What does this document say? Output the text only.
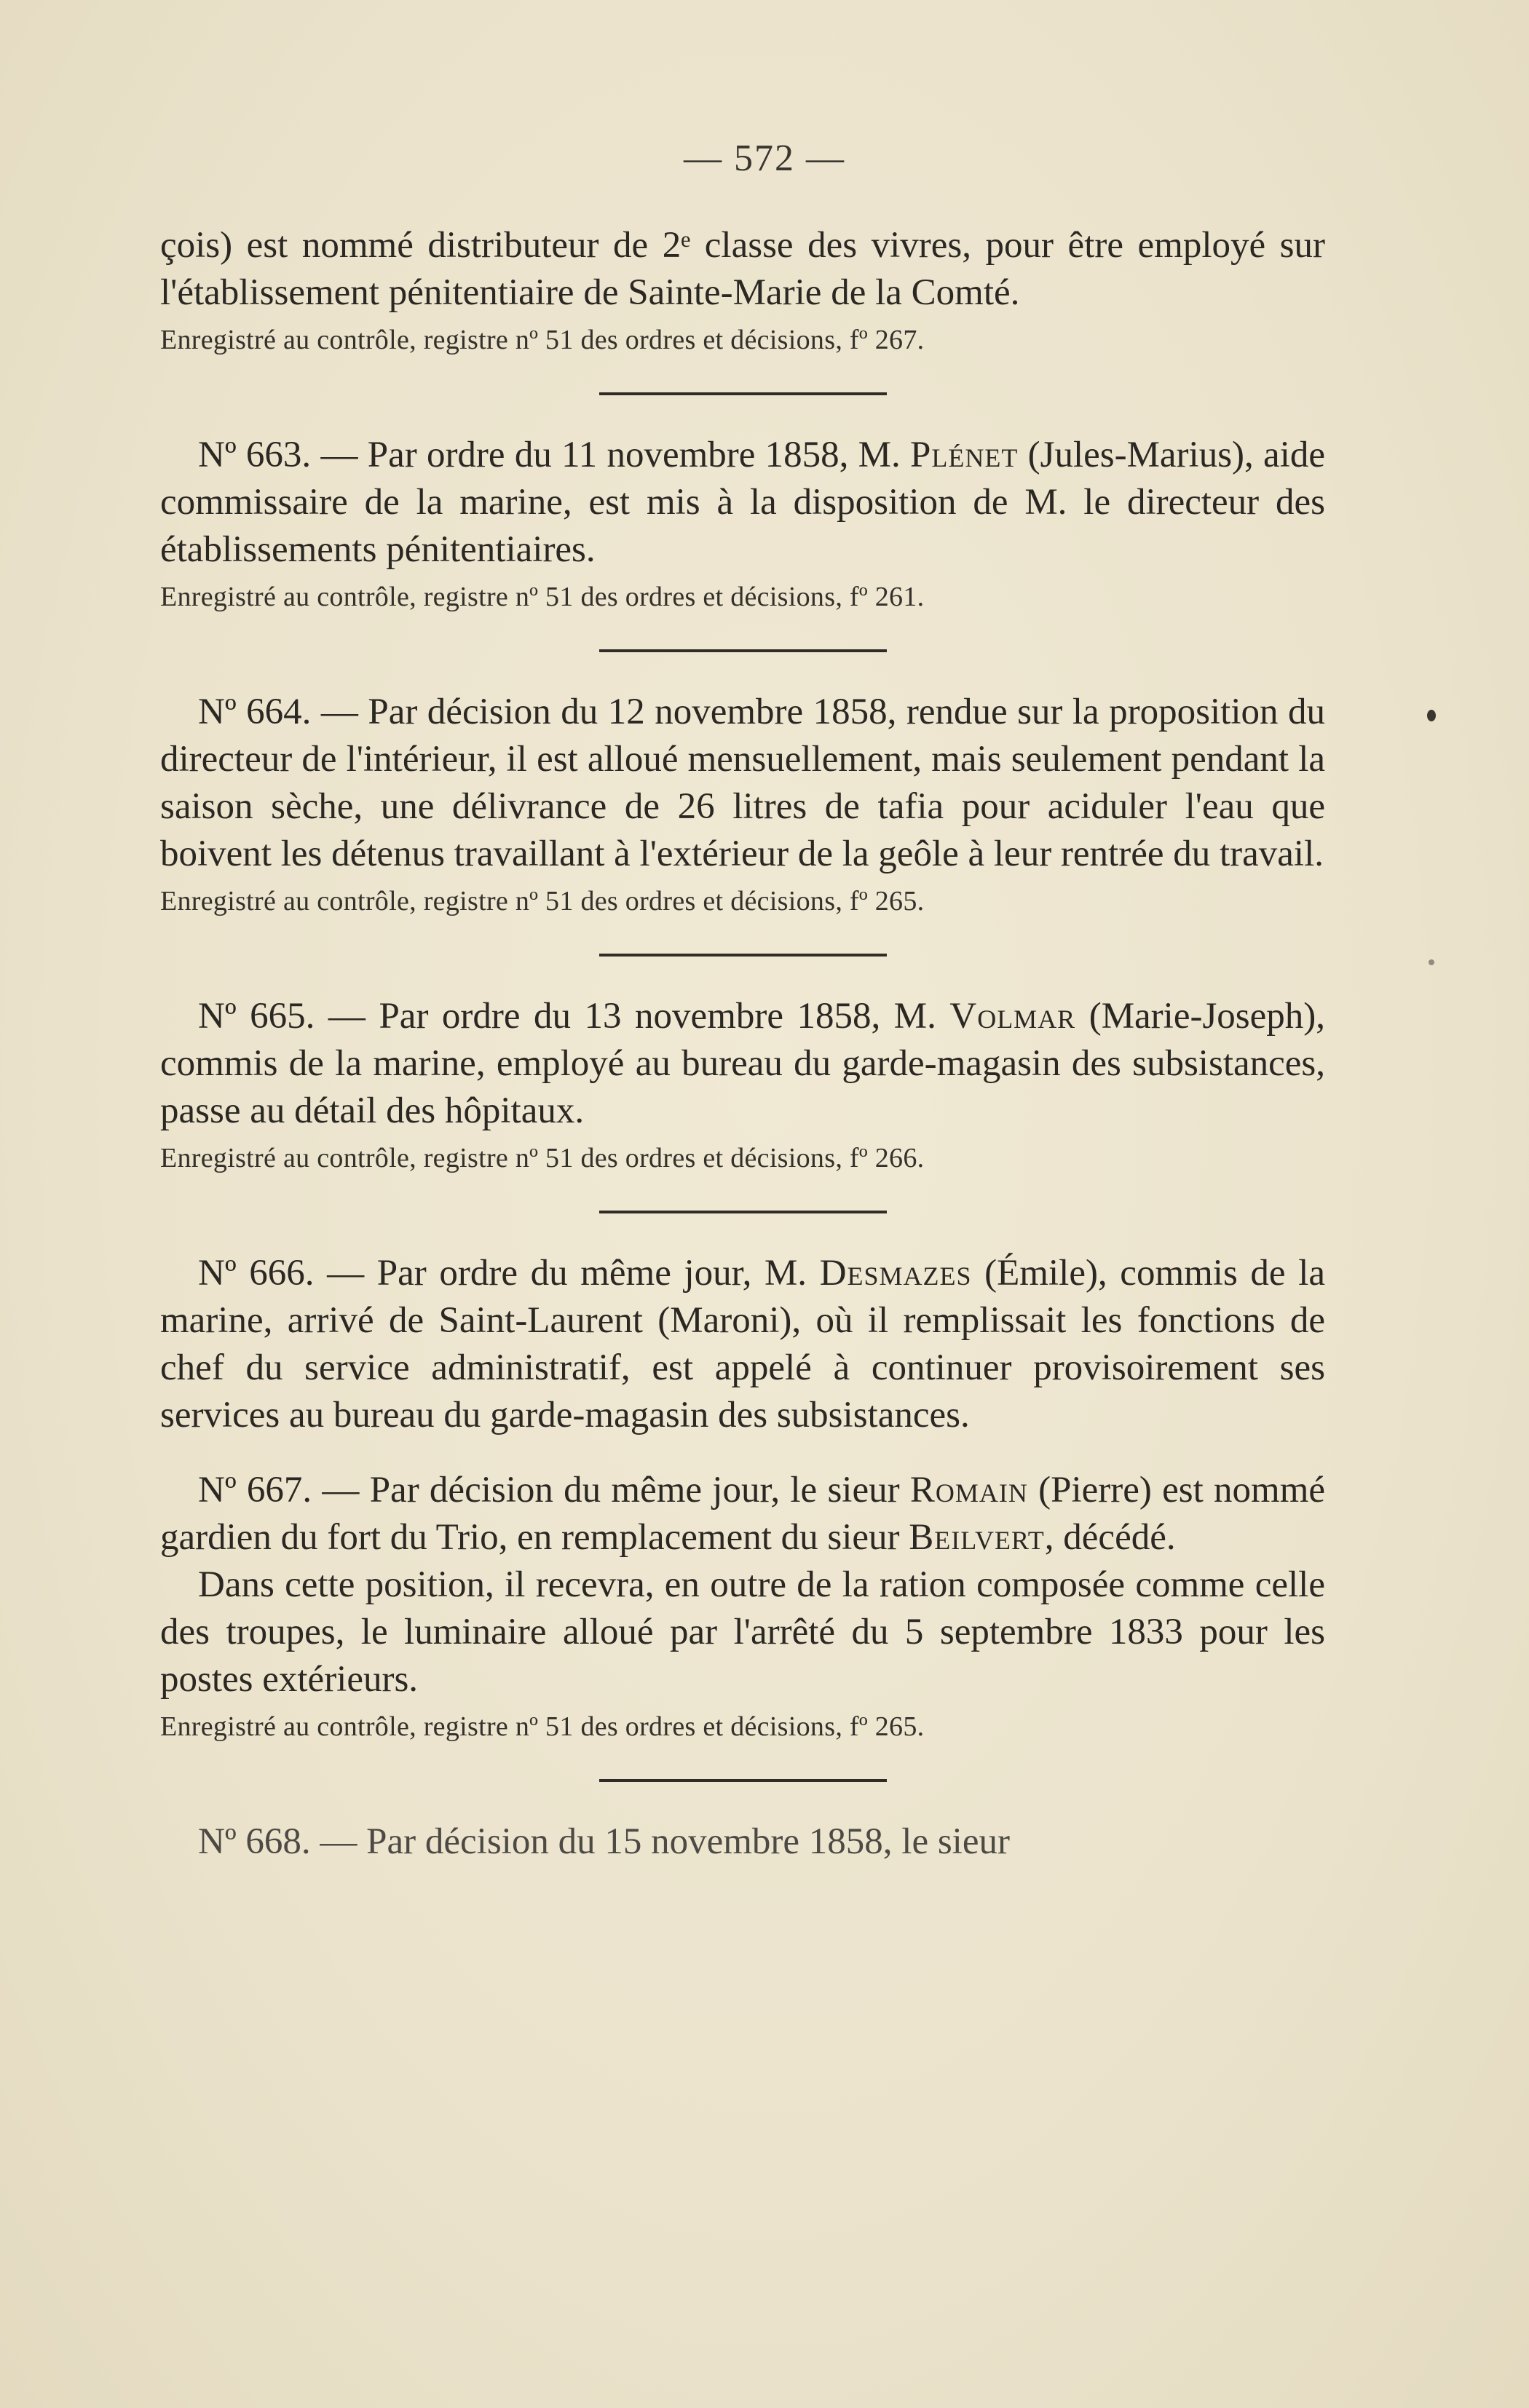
— 572 —

çois) est nommé distributeur de 2ᵉ classe des vivres, pour être employé sur l'établissement pénitentiaire de Sainte-Marie de la Comté.

Enregistré au contrôle, registre nº 51 des ordres et décisions, fº 267.

Nº 663. — Par ordre du 11 novembre 1858, M. Plénet (Jules-Marius), aide commissaire de la marine, est mis à la disposition de M. le directeur des établissements pénitentiaires.

Enregistré au contrôle, registre nº 51 des ordres et décisions, fº 261.

Nº 664. — Par décision du 12 novembre 1858, rendue sur la proposition du directeur de l'intérieur, il est alloué mensuellement, mais seulement pendant la saison sèche, une délivrance de 26 litres de tafia pour aciduler l'eau que boivent les détenus travaillant à l'extérieur de la geôle à leur rentrée du travail.

Enregistré au contrôle, registre nº 51 des ordres et décisions, fº 265.

Nº 665. — Par ordre du 13 novembre 1858, M. Volmar (Marie-Joseph), commis de la marine, employé au bureau du garde-magasin des subsistances, passe au détail des hôpitaux.

Enregistré au contrôle, registre nº 51 des ordres et décisions, fº 266.

Nº 666. — Par ordre du même jour, M. Desmazes (Émile), commis de la marine, arrivé de Saint-Laurent (Maroni), où il remplissait les fonctions de chef du service administratif, est appelé à continuer provisoirement ses services au bureau du garde-magasin des subsistances.

Nº 667. — Par décision du même jour, le sieur Romain (Pierre) est nommé gardien du fort du Trio, en remplacement du sieur Beilvert, décédé.

Dans cette position, il recevra, en outre de la ration composée comme celle des troupes, le luminaire alloué par l'arrêté du 5 septembre 1833 pour les postes extérieurs.

Enregistré au contrôle, registre nº 51 des ordres et décisions, fº 265.

Nº 668. — Par décision du 15 novembre 1858, le sieur
